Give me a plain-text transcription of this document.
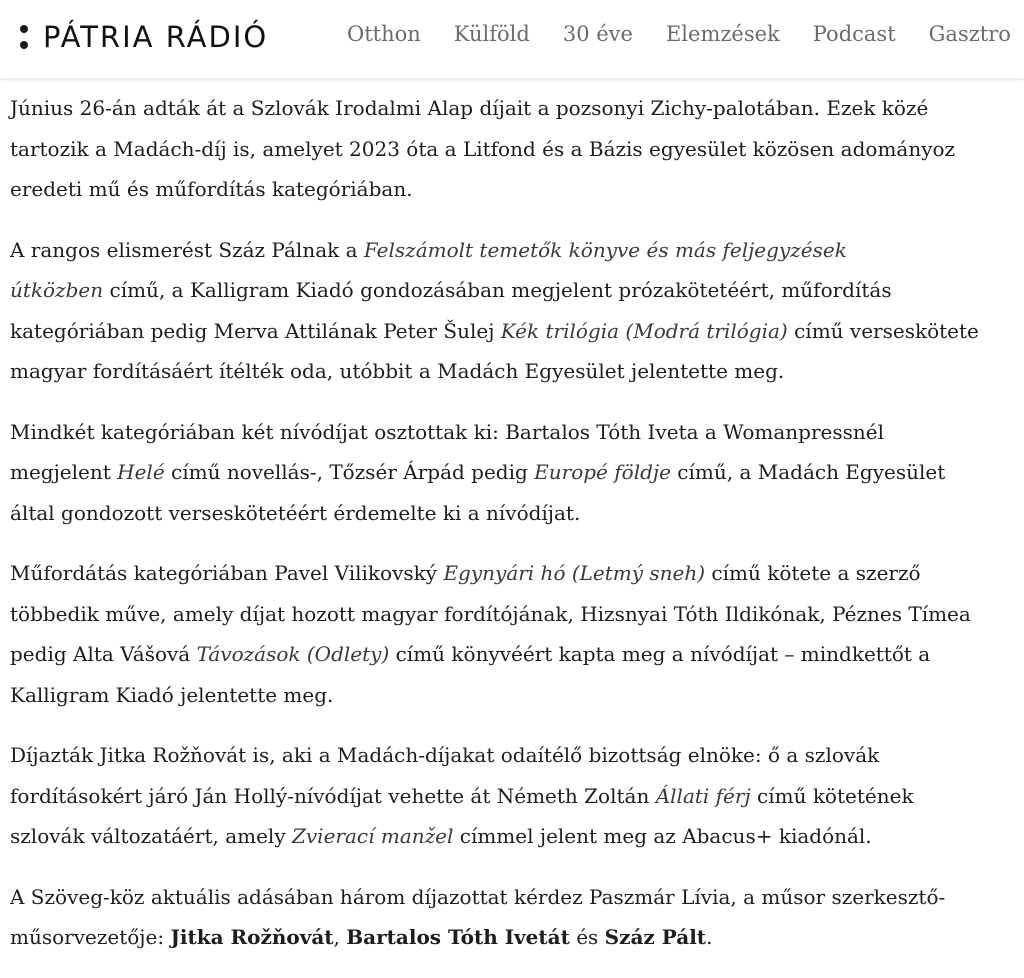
PÁTRIA RÁDIÓ	Otthon Külföld 30 éve Elemzések Podcast Gasztro

Június 26-án adták át a Szlovák Irodalmi Alap díjait a pozsonyi Zichy-palotában. Ezek közé
tartozik a Madách-díj is, amelyet 2023 óta a Litfond és a Bázis egyesület közösen adományoz
eredeti mű és műfordítás kategóriában.

A rangos elismerést Száz Pálnak a Felszámolt temetők könyve és más feljegyzések
útközben című, a Kalligram Kiadó gondozásában megjelent prózakötetéért, műfordítás
kategóriában pedig Merva Attilának Peter Šulej Kék trilógia (Modrá trilógia) című verseskötete
magyar fordításáért ítélték oda, utóbbit a Madách Egyesület jelentette meg.

Mindkét kategóriában két nívódíjat osztottak ki: Bartalos Tóth Iveta a Womanpressnél
megjelent Helé című novellás-, Tőzsér Árpád pedig Europé földje című, a Madách Egyesület
által gondozott verseskötetéért érdemelte ki a nívódíjat.

Műfordátás kategóriában Pavel Vilikovský Egynyári hó (Letmý sneh) című kötete a szerző
többedik műve, amely díjat hozott magyar fordítójának, Hizsnyai Tóth Ildikónak, Péznes Tímea
pedig Alta Vášová Távozások (Odlety) című könyvéért kapta meg a nívódíjat – mindkettőt a
Kalligram Kiadó jelentette meg.

Díjazták Jitka Rožňovát is, aki a Madách-díjakat odaítélő bizottság elnöke: ő a szlovák
fordításokért járó Ján Hollý-nívódíjat vehette át Németh Zoltán Állati férj című kötetének
szlovák változatáért, amely Zvierací manžel címmel jelent meg az Abacus+ kiadónál.

A Szöveg-köz aktuális adásában három díjazottat kérdez Paszmár Lívia, a műsor szerkesztő-
műsorvezetője: Jitka Rožňovát, Bartalos Tóth Ivetát és Száz Pált.
